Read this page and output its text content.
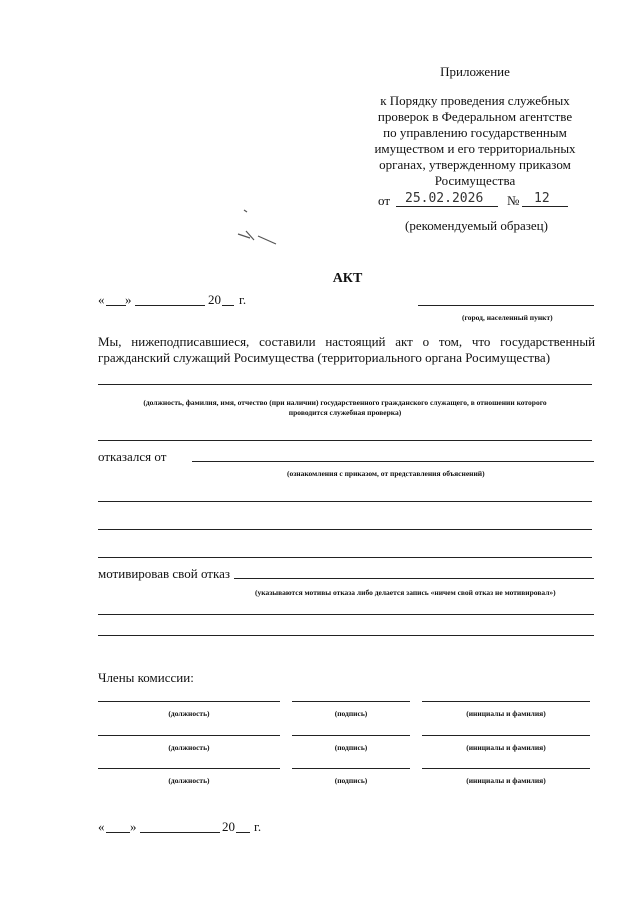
Приложение
к Порядку проведения служебных
проверок в Федеральном агентстве
по управлению государственным
имуществом и его территориальных
органах, утвержденному приказом
Росимущества
от 25.02.2026 № 12
(рекомендуемый образец)
АКТ
« »	20 г.
(город, населенный пункт)
Мы, нижеподписавшиеся, составили настоящий акт о том, что государственный
гражданский служащий Росимущества (территориального органа Росимущества)
(должность, фамилия, имя, отчество (при наличии) государственного гражданского служащего, в отношении которого
проводится служебная проверка)
отказался от
(ознакомления с приказом, от представления объяснений)
мотивировав свой отказ
(указываются мотивы отказа либо делается запись «ничем свой отказ не мотивировал»)
Члены комиссии:
(должность)	(подпись)	(инициалы и фамилия)
(должность)	(подпись)	(инициалы и фамилия)
(должность)	(подпись)	(инициалы и фамилия)
« »	20 г.
